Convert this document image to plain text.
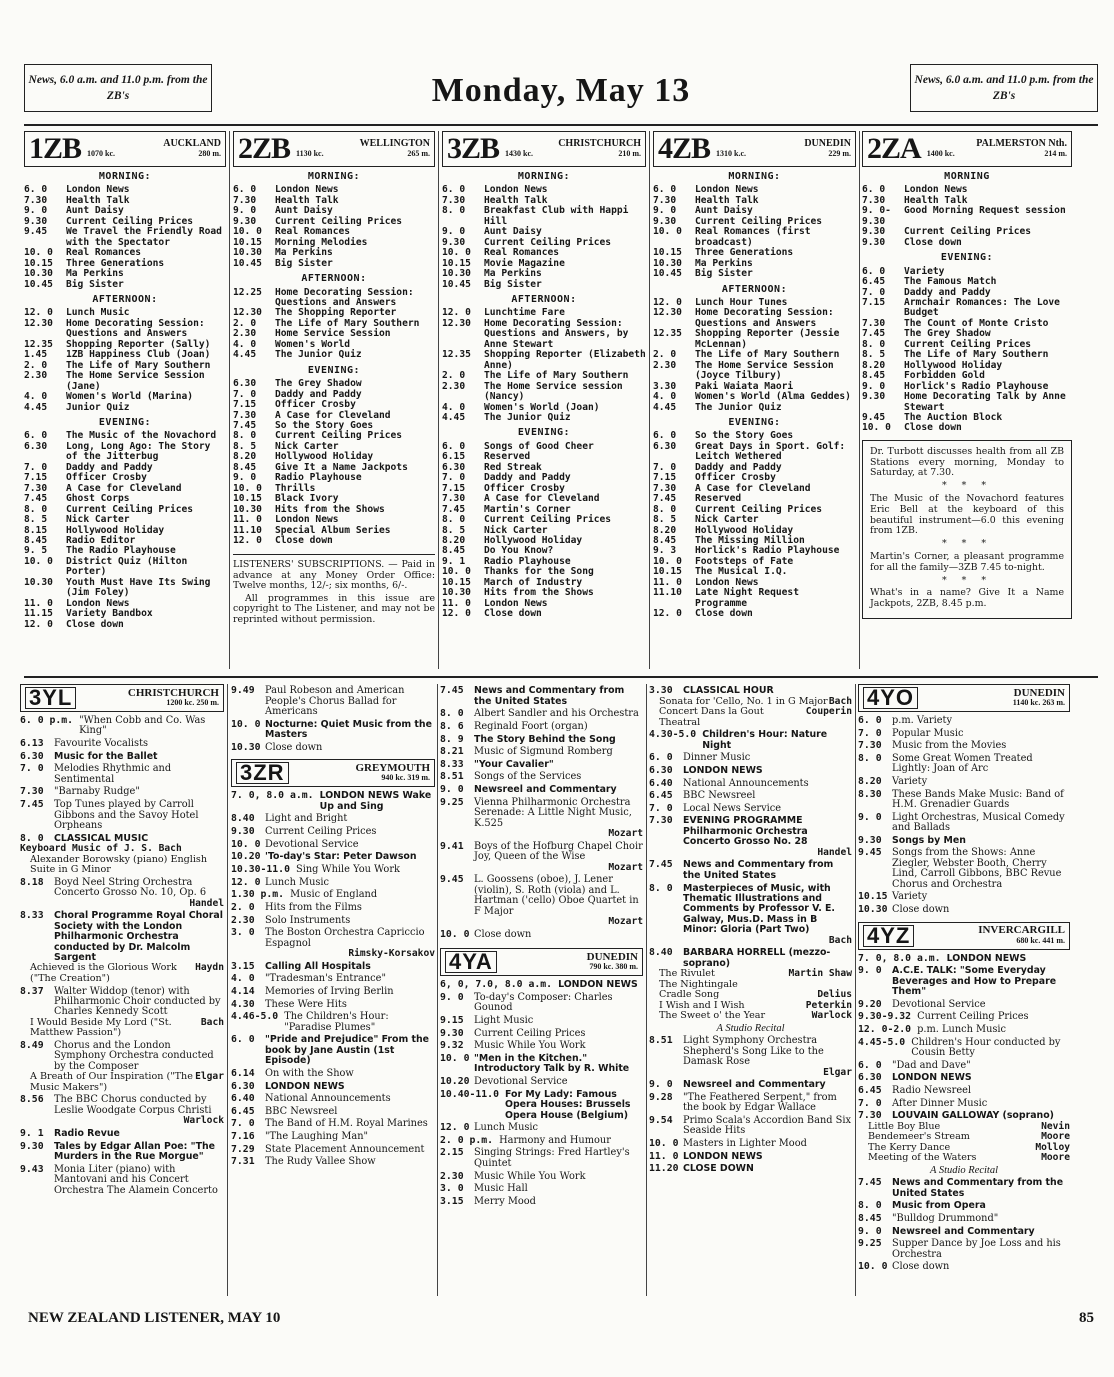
News, 6.0 a.m. and 11.0 p.m. from the ZB's	Monday, May 13	News, 6.0 a.m. and 11.0 p.m. from the ZB's
1ZB	AUCKLAND
1070 kc.	280 m.
MORNING:
6. 0	London News
7.30	Health Talk
9. 0	Aunt Daisy
9.30	Current Ceiling Prices
9.45	We Travel the Friendly Road with the Spectator
10. 0	Real Romances
10.15	Three Generations
10.30	Ma Perkins
10.45	Big Sister
AFTERNOON:
12. 0	Lunch Music
12.30	Home Decorating Session: Questions and Answers
12.35	Shopping Reporter (Sally)
1.45	1ZB Happiness Club (Joan)
2. 0	The Life of Mary Southern
2.30	The Home Service Session (Jane)
4. 0	Women's World (Marina)
4.45	Junior Quiz
EVENING:
6. 0	The Music of the Novachord
6.30	Long, Long Ago: The Story of the Jitterbug
7. 0	Daddy and Paddy
7.15	Officer Crosby
7.30	A Case for Cleveland
7.45	Ghost Corps
8. 0	Current Ceiling Prices
8. 5	Nick Carter
8.15	Hollywood Holiday
8.45	Radio Editor
9. 5	The Radio Playhouse
10. 0	District Quiz (Hilton Porter)
10.30	Youth Must Have Its Swing (Jim Foley)
11. 0	London News
11.15	Variety Bandbox
12. 0	Close down
2ZB	WELLINGTON
1130 kc.	265 m.
MORNING:
6. 0	London News
7.30	Health Talk
9. 0	Aunt Daisy
9.30	Current Ceiling Prices
10. 0	Real Romances
10.15	Morning Melodies
10.30	Ma Perkins
10.45	Big Sister
AFTERNOON:
12.25	Home Decorating Session: Questions and Answers
12.30	The Shopping Reporter
2. 0	The Life of Mary Southern
2.30	Home Service Session
4. 0	Women's World
4.45	The Junior Quiz
EVENING:
6.30	The Grey Shadow
7. 0	Daddy and Paddy
7.15	Officer Crosby
7.30	A Case for Cleveland
7.45	So the Story Goes
8. 0	Current Ceiling Prices
8. 5	Nick Carter
8.20	Hollywood Holiday
8.45	Give It a Name Jackpots
9. 0	Radio Playhouse
10. 0	Thrills
10.15	Black Ivory
10.30	Hits from the Shows
11. 0	London News
11.10	Special Album Series
12. 0	Close down
LISTENERS' SUBSCRIPTIONS. — Paid in advance at any Money Order Office: Twelve months, 12/-; six months, 6/-.
All programmes in this issue are copyright to The Listener, and may not be reprinted without permission.
3ZB	CHRISTCHURCH
1430 kc.	210 m.
MORNING:
6. 0	London News
7.30	Health Talk
8. 0	Breakfast Club with Happi Hill
9. 0	Aunt Daisy
9.30	Current Ceiling Prices
10. 0	Real Romances
10.15	Movie Magazine
10.30	Ma Perkins
10.45	Big Sister
AFTERNOON:
12. 0	Lunchtime Fare
12.30	Home Decorating Session: Questions and Answers, by Anne Stewart
12.35	Shopping Reporter (Elizabeth Anne)
2. 0	The Life of Mary Southern
2.30	The Home Service session (Nancy)
4. 0	Women's World (Joan)
4.45	The Junior Quiz
EVENING:
6. 0	Songs of Good Cheer
6.15	Reserved
6.30	Red Streak
7. 0	Daddy and Paddy
7.15	Officer Crosby
7.30	A Case for Cleveland
7.45	Martin's Corner
8. 0	Current Ceiling Prices
8. 5	Nick Carter
8.20	Hollywood Holiday
8.45	Do You Know?
9. 1	Radio Playhouse
10. 0	Thanks for the Song
10.15	March of Industry
10.30	Hits from the Shows
11. 0	London News
12. 0	Close down
4ZB	DUNEDIN
1310 k.c.	229 m.
MORNING:
6. 0	London News
7.30	Health Talk
9. 0	Aunt Daisy
9.30	Current Ceiling Prices
10. 0	Real Romances (first broadcast)
10.15	Three Generations
10.30	Ma Perkins
10.45	Big Sister
AFTERNOON:
12. 0	Lunch Hour Tunes
12.30	Home Decorating Session: Questions and Answers
12.35	Shopping Reporter (Jessie McLennan)
2. 0	The Life of Mary Southern
2.30	The Home Service Session (Joyce Tilbury)
3.30	Paki Waiata Maori
4. 0	Women's World (Alma Geddes)
4.45	The Junior Quiz
EVENING:
6. 0	So the Story Goes
6.30	Great Days in Sport. Golf: Leitch Wethered
7. 0	Daddy and Paddy
7.15	Officer Crosby
7.30	A Case for Cleveland
7.45	Reserved
8. 0	Current Ceiling Prices
8. 5	Nick Carter
8.20	Hollywood Holiday
8.45	The Missing Million
9. 3	Horlick's Radio Playhouse
10. 0	Footsteps of Fate
10.15	The Musical I.Q.
11. 0	London News
11.10	Late Night Request Programme
12. 0	Close down
2ZA	PALMERSTON Nth.
1400 kc.	214 m.
MORNING
6. 0	London News
7.30	Health Talk
9. 0-9.30
Good Morning Request session
9.30	Current Ceiling Prices
9.30	Close down
EVENING:
6. 0	Variety
6.45	The Famous Match
7. 0	Daddy and Paddy
7.15	Armchair Romances: The Love Budget
7.30	The Count of Monte Cristo
7.45	The Grey Shadow
8. 0	Current Ceiling Prices
8. 5	The Life of Mary Southern
8.20	Hollywood Holiday
8.45	Forbidden Gold
9. 0	Horlick's Radio Playhouse
9.30	Home Decorating Talk by Anne Stewart
9.45	The Auction Block
10. 0	Close down

Dr. Turbott discusses health from all ZB Stations every morning, Monday to Saturday, at 7.30.

* * *

The Music of the Novachord features Eric Bell at the keyboard of this beautiful instrument—6.0 this evening from 1ZB.

* * *

Martin's Corner, a pleasant programme for all the family—3ZB 7.45 to-night.

* * *

What's in a name? Give It a Name Jackpots, 2ZB, 8.45 p.m.

3YL	CHRISTCHURCH
1200 kc. 250 m.
6. 0 p.m. "When Cobb and Co. Was King"
6.13	Favourite Vocalists
6.30	Music for the Ballet
7. 0	Melodies Rhythmic and Sentimental
7.30	"Barnaby Rudge"
7.45	Top Tunes played by Carroll Gibbons and the Savoy Hotel Orpheans
8. 0	CLASSICAL MUSIC
Keyboard Music of J. S. Bach
Alexander Borowsky (piano) English Suite in G Minor
8.18	Boyd Neel String Orchestra Concerto Grosso No. 10, Op. 6
Handel
8.33	Choral Programme Royal Choral Society with the London Philharmonic Orchestra conducted by Dr. Malcolm Sargent
Achieved is the Glorious Work ("The Creation")
Haydn
8.37	Walter Widdop (tenor) with Philharmonic Choir conducted by Charles Kennedy Scott
I Would Beside My Lord ("St. Matthew Passion")
Bach
8.49	Chorus and the London Symphony Orchestra conducted by the Composer
A Breath of Our Inspiration ("The Music Makers")
Elgar
8.56	The BBC Chorus conducted by Leslie Woodgate Corpus Christi
Warlock
9. 1	Radio Revue
9.30	Tales by Edgar Allan Poe: "The Murders in the Rue Morgue"
9.43	Monia Liter (piano) with Mantovani and his Concert Orchestra The Alamein Concerto
9.49	Paul Robeson and American People's Chorus Ballad for Americans
10. 0 Nocturne: Quiet Music from the Masters
10.30 Close down
3ZR	GREYMOUTH
940 kc. 319 m.
7. 0, 8.0 a.m. LONDON NEWS Wake Up and Sing
8.40	Light and Bright
9.30	Current Ceiling Prices
10. 0 Devotional Service
10.20 'To-day's Star: Peter Dawson
10.30-11.0 Sing While You Work
12. 0 Lunch Music
1.30 p.m. Music of England
2. 0	Hits from the Films
2.30	Solo Instruments
3. 0	The Boston Orchestra Capriccio Espagnol
Rimsky-Korsakov
3.15	Calling All Hospitals
4. 0	"Tradesman's Entrance"
4.14	Memories of Irving Berlin
4.30	These Were Hits
4.46-5.0 The Children's Hour: "Paradise Plumes"
6. 0	"Pride and Prejudice" From the book by Jane Austin (1st Episode)
6.14	On with the Show
6.30	LONDON NEWS
6.40	National Announcements
6.45	BBC Newsreel
7. 0	The Band of H.M. Royal Marines
7.16	"The Laughing Man"
7.29	State Placement Announcement
7.31	The Rudy Vallee Show
7.45	News and Commentary from the United States
8. 0	Albert Sandler and his Orchestra
8. 6	Reginald Foort (organ)
8. 9	The Story Behind the Song
8.21	Music of Sigmund Romberg
8.33	"Your Cavalier"
8.51	Songs of the Services
9. 0	Newsreel and Commentary
9.25	Vienna Philharmonic Orchestra Serenade: A Little Night Music, K.525
Mozart
9.41	Boys of the Hofburg Chapel Choir Joy, Queen of the Wise
Mozart
9.45	L. Goossens (oboe), J. Lener (violin), S. Roth (viola) and L. Hartman ('cello) Oboe Quartet in F Major
Mozart
10. 0 Close down
4YA	DUNEDIN
790 kc. 380 m.
6, 0, 7.0, 8.0 a.m. LONDON NEWS
9. 0	To-day's Composer: Charles Gounod
9.15	Light Music
9.30	Current Ceiling Prices
9.32	Music While You Work
10. 0 "Men in the Kitchen." Introductory Talk by R. White
10.20 Devotional Service
10.40-11.0 For My Lady: Famous Opera Houses: Brussels Opera House (Belgium)
12. 0 Lunch Music
2. 0 p.m. Harmony and Humour
2.15	Singing Strings: Fred Hartley's Quintet
2.30	Music While You Work
3. 0	Music Hall
3.15	Merry Mood
3.30	CLASSICAL HOUR
Sonata for 'Cello, No. 1 in G Major Bach
Concert Dans la Gout Theatral
Couperin
4.30-5.0 Children's Hour: Nature Night
6. 0	Dinner Music
6.30	LONDON NEWS
6.40	National Announcements
6.45	BBC Newsreel
7. 0	Local News Service
7.30	EVENING PROGRAMME Philharmonic Orchestra Concerto Grosso No. 28
Handel
7.45	News and Commentary from the United States
8. 0	Masterpieces of Music, with Thematic Illustrations and Comments by Professor V. E. Galway, Mus.D. Mass in B Minor: Gloria (Part Two)
Bach
8.40	BARBARA HORRELL (mezzo-soprano)
The Rivulet	Martin Shaw
The Nightingale
Cradle Song	Delius
I Wish and I Wish	Peterkin
The Sweet o' the Year	Warlock
A Studio Recital
8.51	Light Symphony Orchestra Shepherd's Song Like to the Damask Rose
Elgar
9. 0	Newsreel and Commentary
9.28	"The Feathered Serpent," from the book by Edgar Wallace
9.54	Primo Scala's Accordion Band Six Seaside Hits
10. 0 Masters in Lighter Mood
11. 0 LONDON NEWS
11.20 CLOSE DOWN
4YO	DUNEDIN
1140 kc. 263 m.
6. 0	p.m. Variety
7. 0	Popular Music
7.30	Music from the Movies
8. 0	Some Great Women Treated Lightly: Joan of Arc
8.20	Variety
8.30	These Bands Make Music: Band of H.M. Grenadier Guards
9. 0	Light Orchestras, Musical Comedy and Ballads
9.30	Songs by Men
9.45	Songs from the Shows: Anne Ziegler, Webster Booth, Cherry Lind, Carroll Gibbons, BBC Revue Chorus and Orchestra
10.15 Variety
10.30 Close down
4YZ	INVERCARGILL
680 kc. 441 m.
7. 0, 8.0 a.m. LONDON NEWS
9. 0	A.C.E. TALK: "Some Everyday Beverages and How to Prepare Them"
9.20	Devotional Service
9.30-9.32 Current Ceiling Prices
12. 0-2.0 p.m. Lunch Music
4.45-5.0 Children's Hour conducted by Cousin Betty
6. 0	"Dad and Dave"
6.30	LONDON NEWS
6.45	Radio Newsreel
7. 0	After Dinner Music
7.30	LOUVAIN GALLOWAY (soprano)
Little Boy Blue	Nevin
Bendemeer's Stream	Moore
The Kerry Dance	Molloy
Meeting of the Waters	Moore
A Studio Recital
7.45	News and Commentary from the United States
8. 0	Music from Opera
8.45	"Bulldog Drummond"
9. 0	Newsreel and Commentary
9.25	Supper Dance by Joe Loss and his Orchestra
10. 0 Close down
NEW ZEALAND LISTENER, MAY 10	85
